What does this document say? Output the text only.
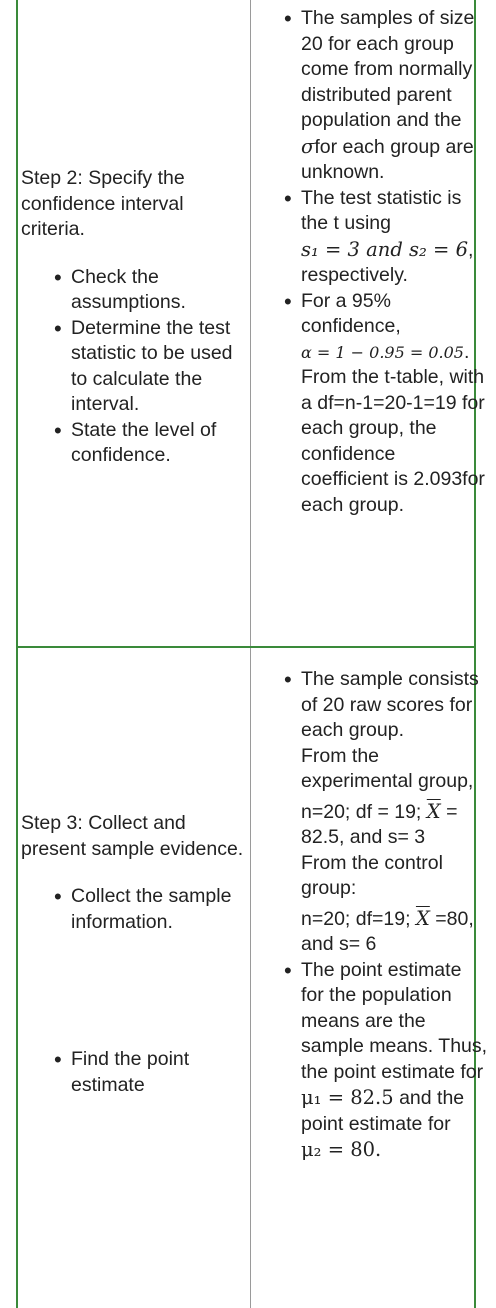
Step 2: Specify the confidence interval criteria.
• Check the assumptions.
• Determine the test statistic to be used to calculate the interval.
• State the level of confidence.
• The samples of size 20 for each group come from normally distributed parent population and the σfor each group are unknown.
• The test statistic is the t using s₁ = 3 and s₂ = 6, respectively.
• For a 95% confidence, α = 1 − 0.95 = 0.05. From the t-table, with a df=n-1=20-1=19 for each group, the confidence coefficient is 2.093for each group.
Step 3: Collect and present sample evidence.
• Collect the sample information.
• Find the point estimate
• The sample consists of 20 raw scores for each group.
From the experimental group,
n=20; df = 19; $\overline{X} = 82.5$, and s= 3
From the control group:
n=20; df=19; $\overline{X} =80$, and s= 6
• The point estimate for the population means are the sample means. Thus, the point estimate for μ₁ = 82.5 and the point estimate for μ₂ = 80.
